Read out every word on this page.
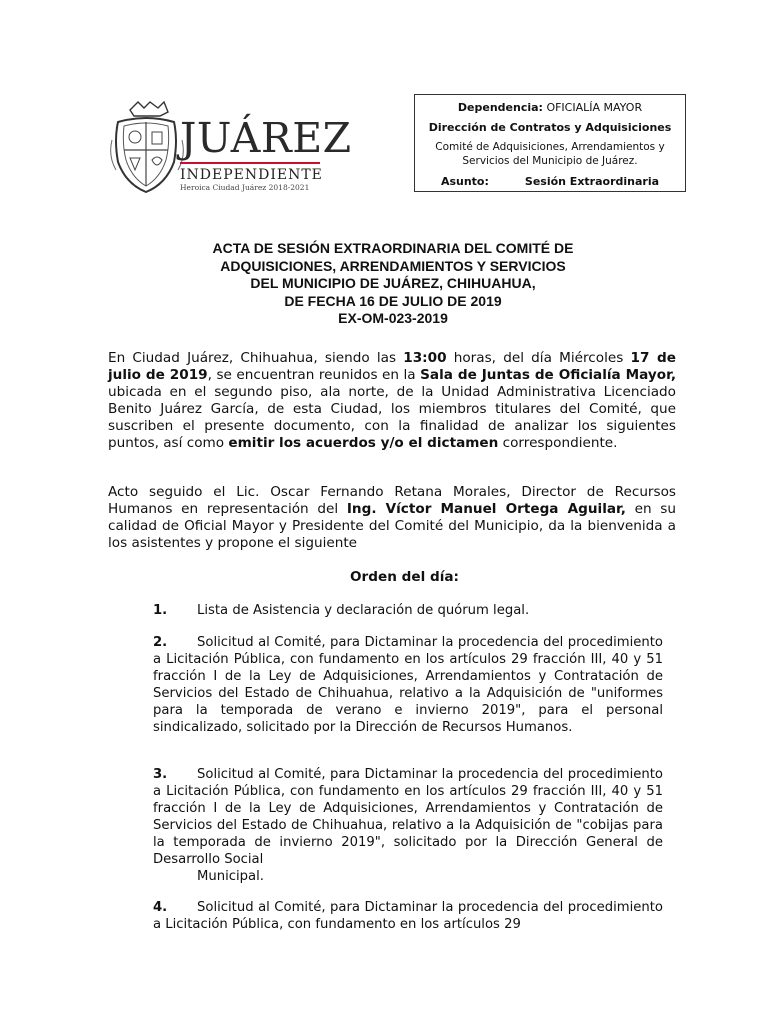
JUÁREZ
INDEPENDIENTE
Heroica Ciudad Juárez 2018-2021
Dependencia: OFICIALÍA MAYOR
Dirección de Contratos y Adquisiciones
Comité de Adquisiciones, Arrendamientos y Servicios del Municipio de Juárez.
Asunto:	Sesión Extraordinaria
ACTA DE SESIÓN EXTRAORDINARIA DEL COMITÉ DE
ADQUISICIONES, ARRENDAMIENTOS Y SERVICIOS
DEL MUNICIPIO DE JUÁREZ, CHIHUAHUA,
DE FECHA 16 DE JULIO DE 2019
EX-OM-023-2019
En Ciudad Juárez, Chihuahua, siendo las 13:00 horas, del día Miércoles 17 de julio de 2019, se encuentran reunidos en la Sala de Juntas de Oficialía Mayor, ubicada en el segundo piso, ala norte, de la Unidad Administrativa Licenciado Benito Juárez García, de esta Ciudad, los miembros titulares del Comité, que suscriben el presente documento, con la finalidad de analizar los siguientes puntos, así como emitir los acuerdos y/o el dictamen correspondiente.
Acto seguido el Lic. Oscar Fernando Retana Morales, Director de Recursos Humanos en representación del Ing. Víctor Manuel Ortega Aguilar, en su calidad de Oficial Mayor y Presidente del Comité del Municipio, da la bienvenida a los asistentes y propone el siguiente
Orden del día:
1. Lista de Asistencia y declaración de quórum legal.
2. Solicitud al Comité, para Dictaminar la procedencia del procedimiento a Licitación Pública, con fundamento en los artículos 29 fracción III, 40 y 51 fracción I de la Ley de Adquisiciones, Arrendamientos y Contratación de Servicios del Estado de Chihuahua, relativo a la Adquisición de "uniformes para la temporada de verano e invierno 2019", para el personal sindicalizado, solicitado por la Dirección de Recursos Humanos.
3. Solicitud al Comité, para Dictaminar la procedencia del procedimiento a Licitación Pública, con fundamento en los artículos 29 fracción III, 40 y 51 fracción I de la Ley de Adquisiciones, Arrendamientos y Contratación de Servicios del Estado de Chihuahua, relativo a la Adquisición de "cobijas para la temporada de invierno 2019", solicitado por la Dirección General de Desarrollo Social
Municipal.
4. Solicitud al Comité, para Dictaminar la procedencia del procedimiento a Licitación Pública, con fundamento en los artículos 29
